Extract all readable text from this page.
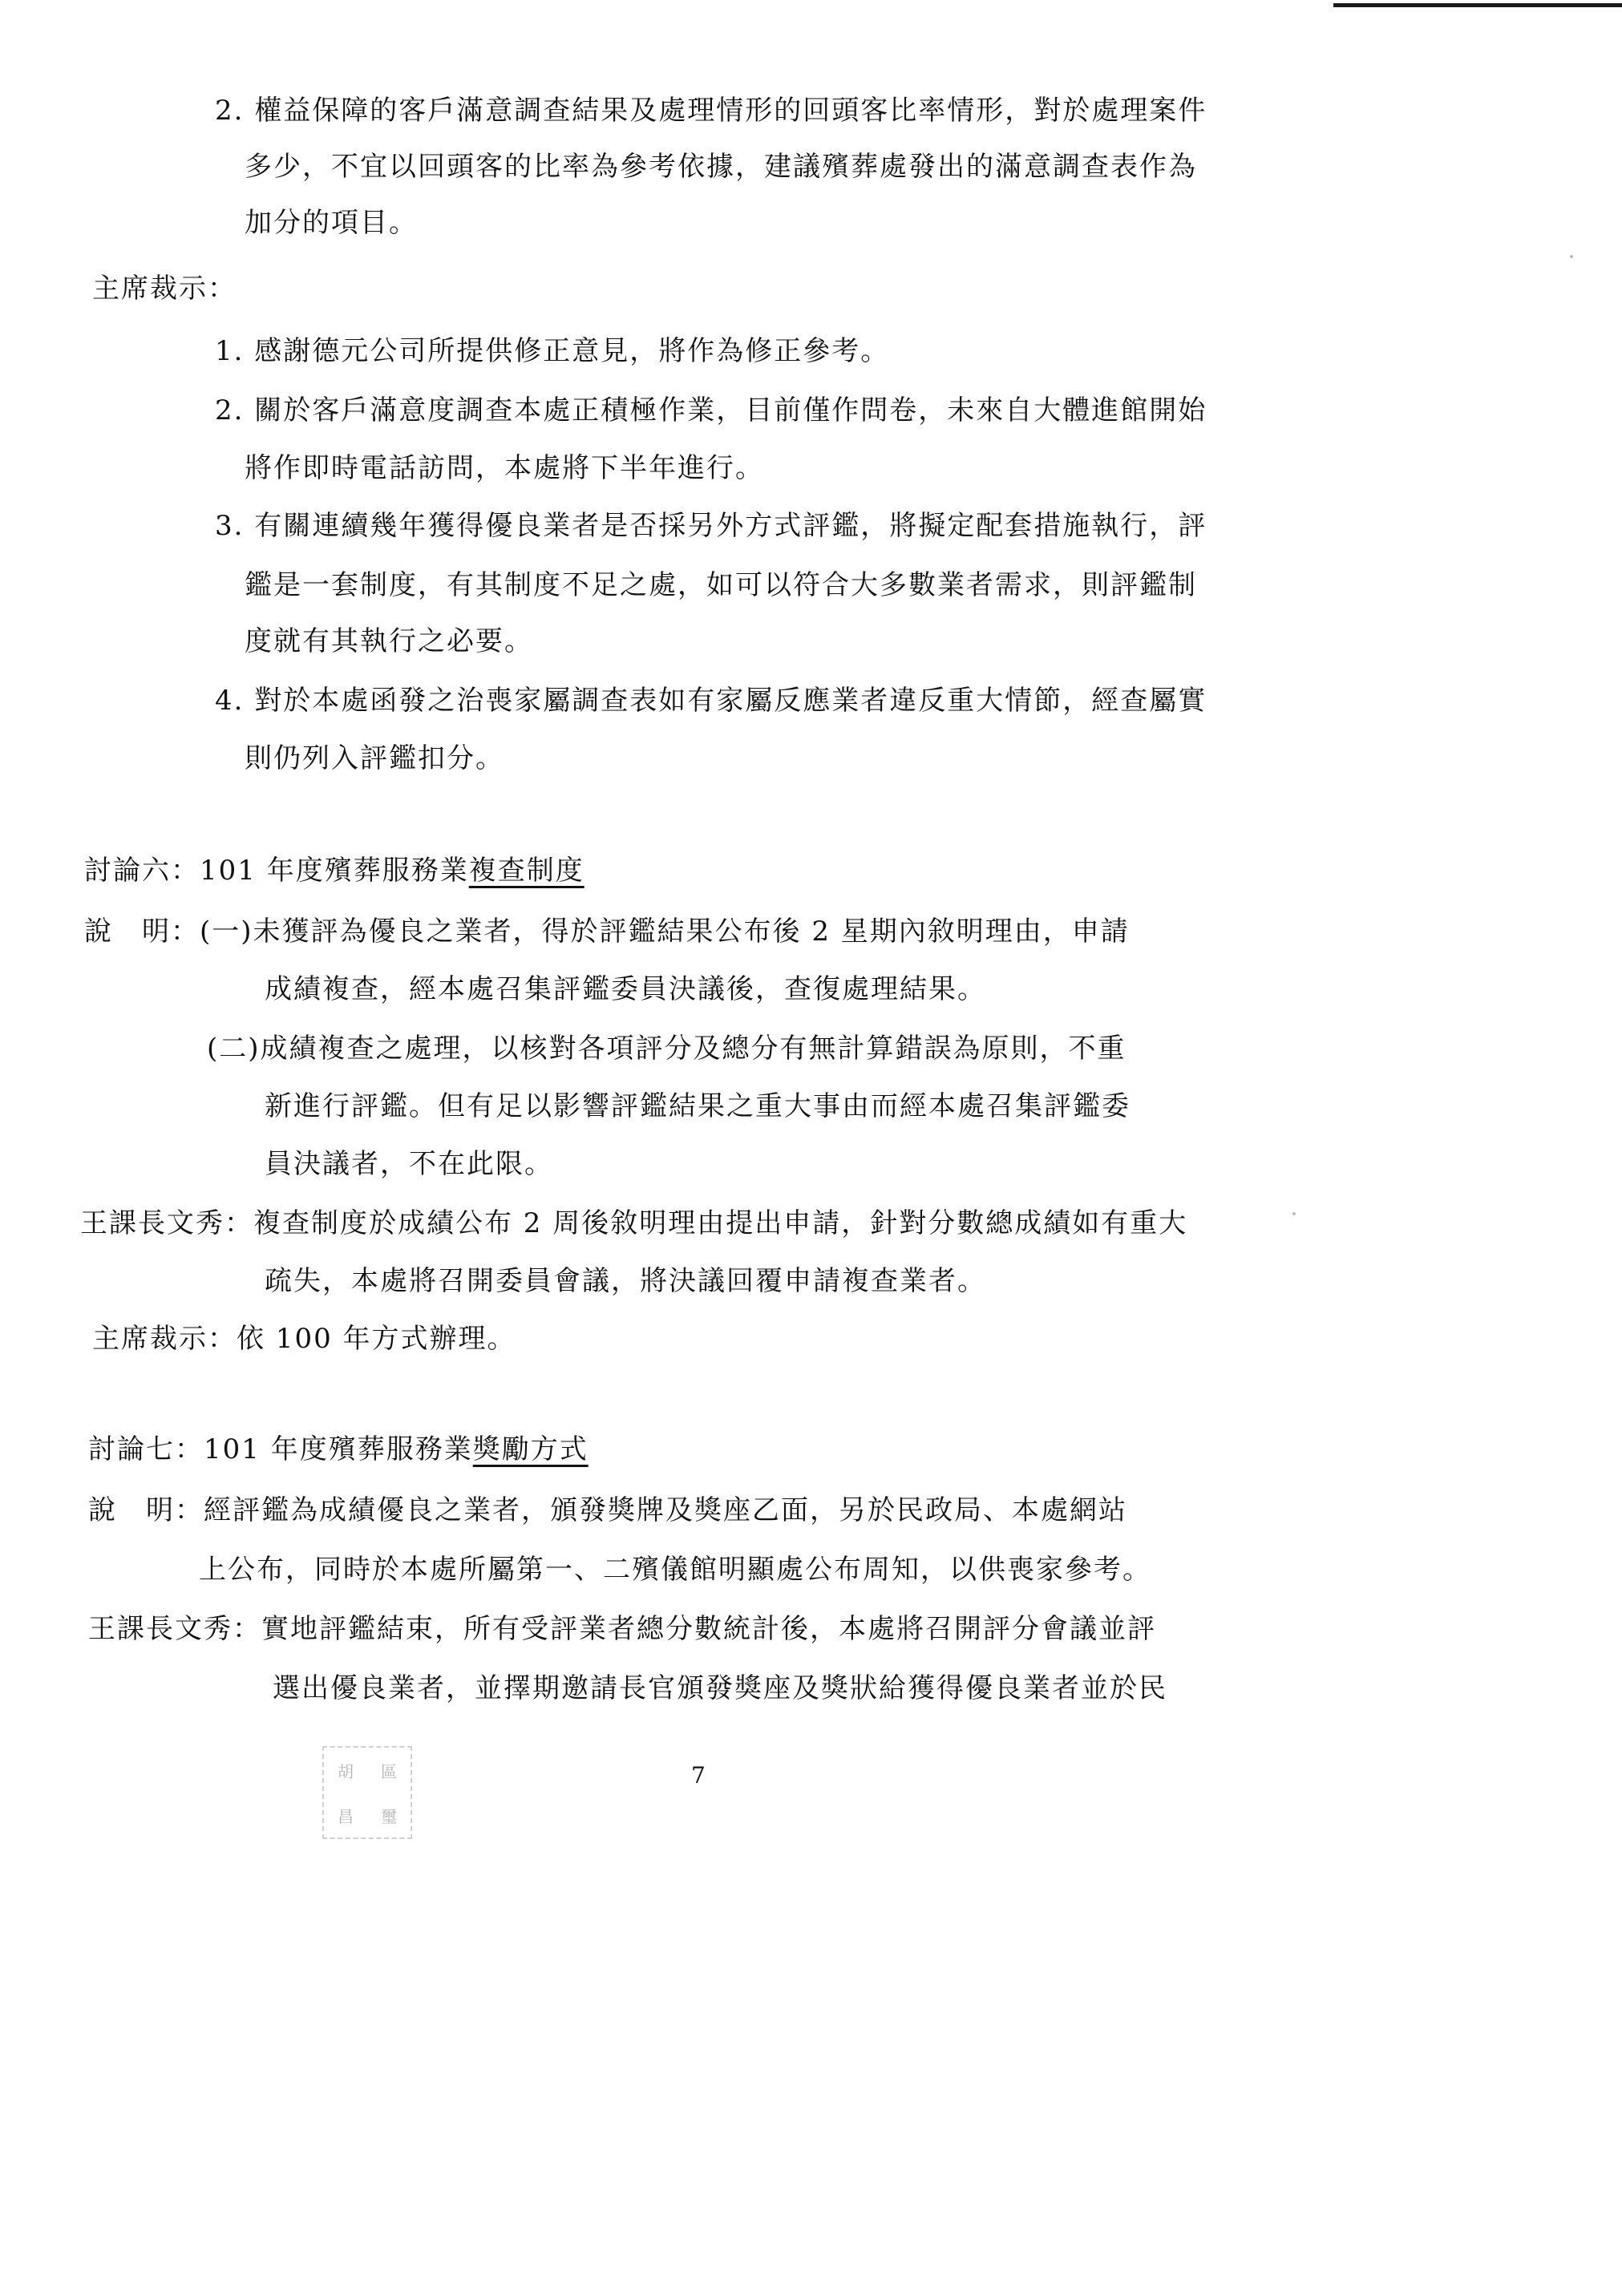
2. 權益保障的客戶滿意調查結果及處理情形的回頭客比率情形，對於處理案件
多少，不宜以回頭客的比率為參考依據，建議殯葬處發出的滿意調查表作為
加分的項目。
主席裁示：
1. 感謝德元公司所提供修正意見，將作為修正參考。
2. 關於客戶滿意度調查本處正積極作業，目前僅作問卷，未來自大體進館開始
將作即時電話訪問，本處將下半年進行。
3. 有關連續幾年獲得優良業者是否採另外方式評鑑，將擬定配套措施執行，評
鑑是一套制度，有其制度不足之處，如可以符合大多數業者需求，則評鑑制
度就有其執行之必要。
4. 對於本處函發之治喪家屬調查表如有家屬反應業者違反重大情節，經查屬實
則仍列入評鑑扣分。
討論六：101 年度殯葬服務業複查制度
說　明：(一)未獲評為優良之業者，得於評鑑結果公布後 2 星期內敘明理由，申請
成績複查，經本處召集評鑑委員決議後，查復處理結果。
(二)成績複查之處理，以核對各項評分及總分有無計算錯誤為原則，不重
新進行評鑑。但有足以影響評鑑結果之重大事由而經本處召集評鑑委
員決議者，不在此限。
王課長文秀：複查制度於成績公布 2 周後敘明理由提出申請，針對分數總成績如有重大
疏失，本處將召開委員會議，將決議回覆申請複查業者。
主席裁示：依 100 年方式辦理。
討論七：101 年度殯葬服務業獎勵方式
說　明：經評鑑為成績優良之業者，頒發獎牌及獎座乙面，另於民政局、本處網站
上公布，同時於本處所屬第一、二殯儀館明顯處公布周知，以供喪家參考。
王課長文秀：實地評鑑結束，所有受評業者總分數統計後，本處將召開評分會議並評
選出優良業者，並擇期邀請長官頒發獎座及獎狀給獲得優良業者並於民
胡	區
昌	璽
7
